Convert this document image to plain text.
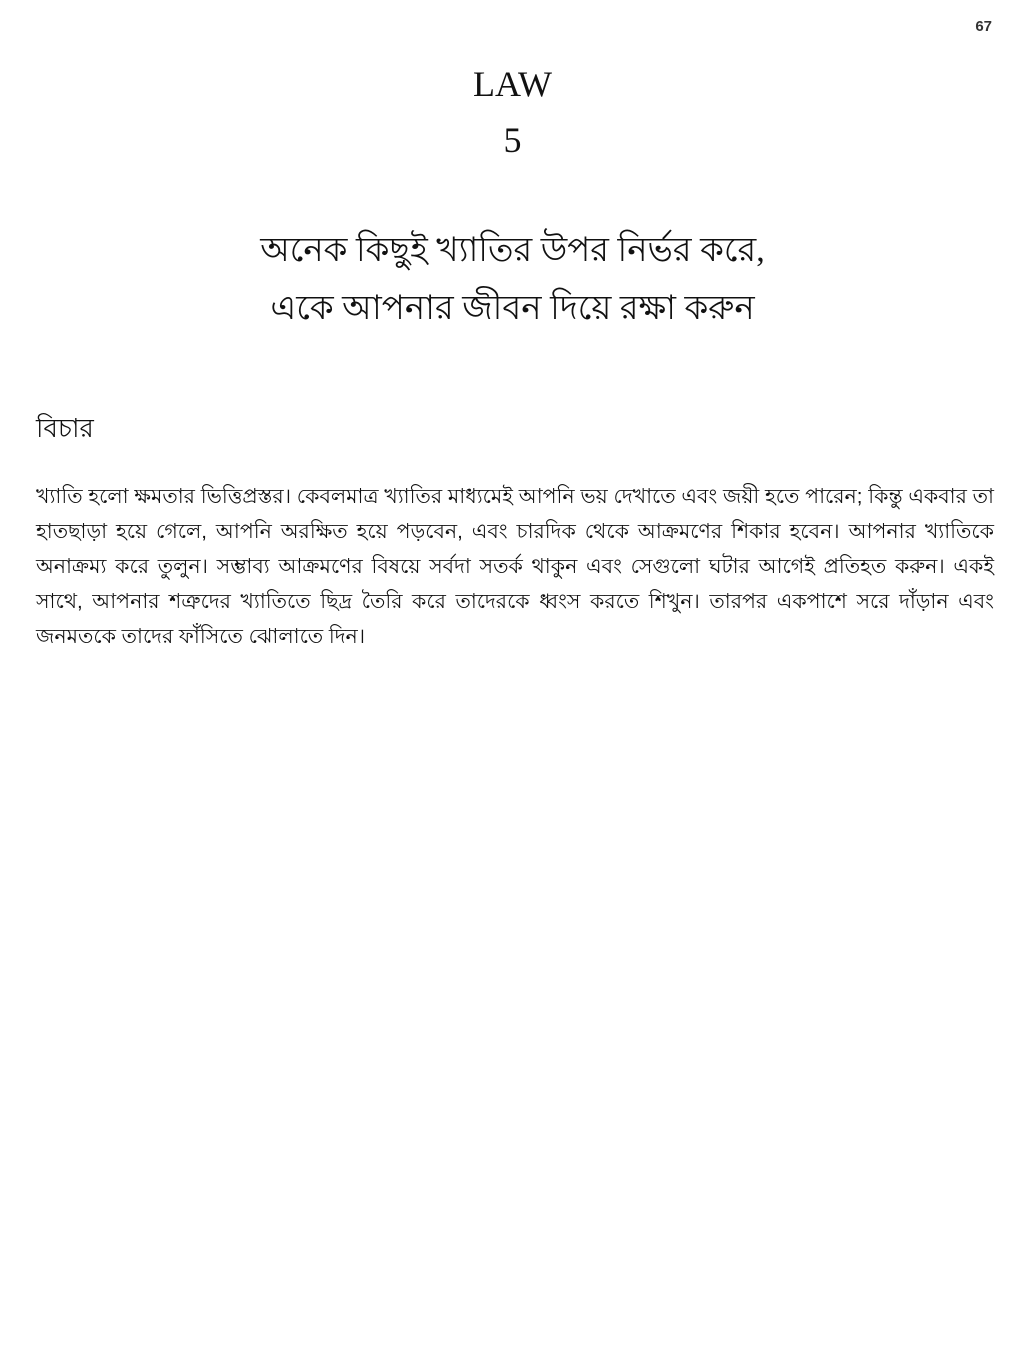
67
LAW
5
অনেক কিছুই খ্যাতির উপর নির্ভর করে,
একে আপনার জীবন দিয়ে রক্ষা করুন
বিচার

খ্যাতি হলো ক্ষমতার ভিত্তিপ্রস্তর। কেবলমাত্র খ্যাতির মাধ্যমেই আপনি ভয় দেখাতে এবং জয়ী হতে পারেন; কিন্তু একবার তা হাতছাড়া হয়ে গেলে, আপনি অরক্ষিত হয়ে পড়বেন, এবং চারদিক থেকে আক্রমণের শিকার হবেন। আপনার খ্যাতিকে অনাক্রম্য করে তুলুন। সম্ভাব্য আক্রমণের বিষয়ে সর্বদা সতর্ক থাকুন এবং সেগুলো ঘটার আগেই প্রতিহত করুন। একই সাথে, আপনার শত্রুদের খ্যাতিতে ছিদ্র তৈরি করে তাদেরকে ধ্বংস করতে শিখুন। তারপর একপাশে সরে দাঁড়ান এবং জনমতকে তাদের ফাঁসিতে ঝোলাতে দিন।
